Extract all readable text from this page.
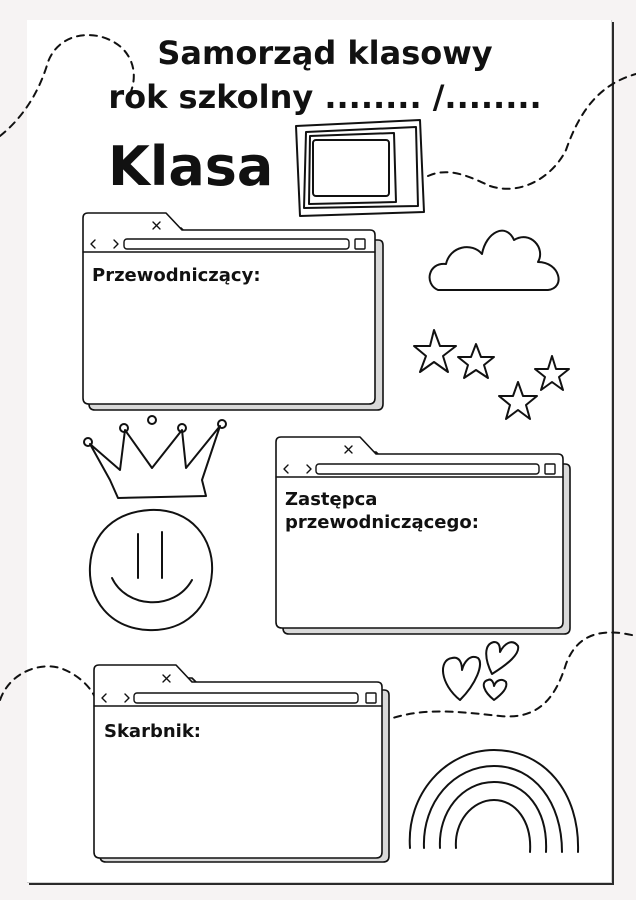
Samorząd klasowy
rok szkolny ........ /........
Klasa
Przewodniczący:
Zastępca przewodniczącego:
Skarbnik:
